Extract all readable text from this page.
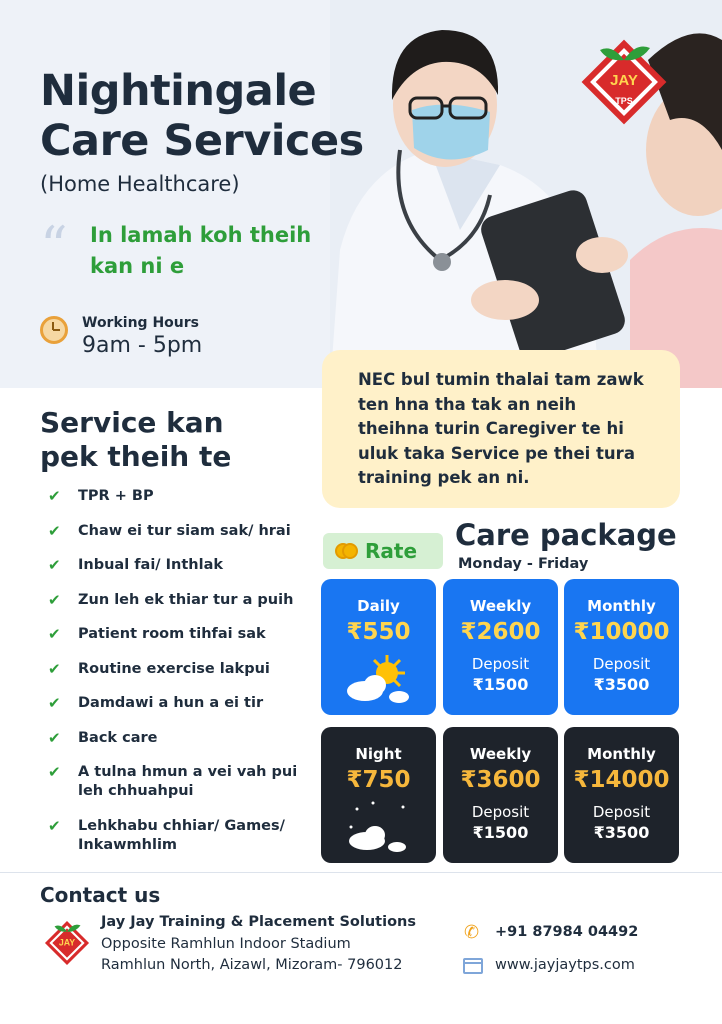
JAY
TPS
Nightingale
Care Services
(Home Healthcare)
“ In lamah koh theih kan ni e
Working Hours
9am - 5pm
NEC bul tumin thalai tam zawk ten hna tha tak an neih theihna turin Caregiver te hi uluk taka Service pe thei tura training pek an ni.
Service kan
pek theih te
✔	TPR + BP
✔	Chaw ei tur siam sak/ hrai
✔	Inbual fai/ Inthlak
✔	Zun leh ek thiar tur a puih
✔	Patient room tihfai sak
✔	Routine exercise lakpui
✔	Damdawi a hun a ei tir
✔	Back care
✔	A tulna hmun a vei vah pui leh chhuahpui
✔	Lehkhabu chhiar/ Games/ Inkawmhlim
Rate Care package
Monday - Friday
Daily
₹550
Weekly
₹2600
Deposit
₹1500
Monthly
₹10000
Deposit
₹3500
Night
₹750
Weekly
₹3600
Deposit
₹1500
Monthly
₹14000
Deposit
₹3500
Contact us
JAY
Jay Jay Training & Placement Solutions
Opposite Ramhlun Indoor Stadium
Ramhlun North, Aizawl, Mizoram- 796012
✆ +91 87984 04492
www.jayjaytps.com
